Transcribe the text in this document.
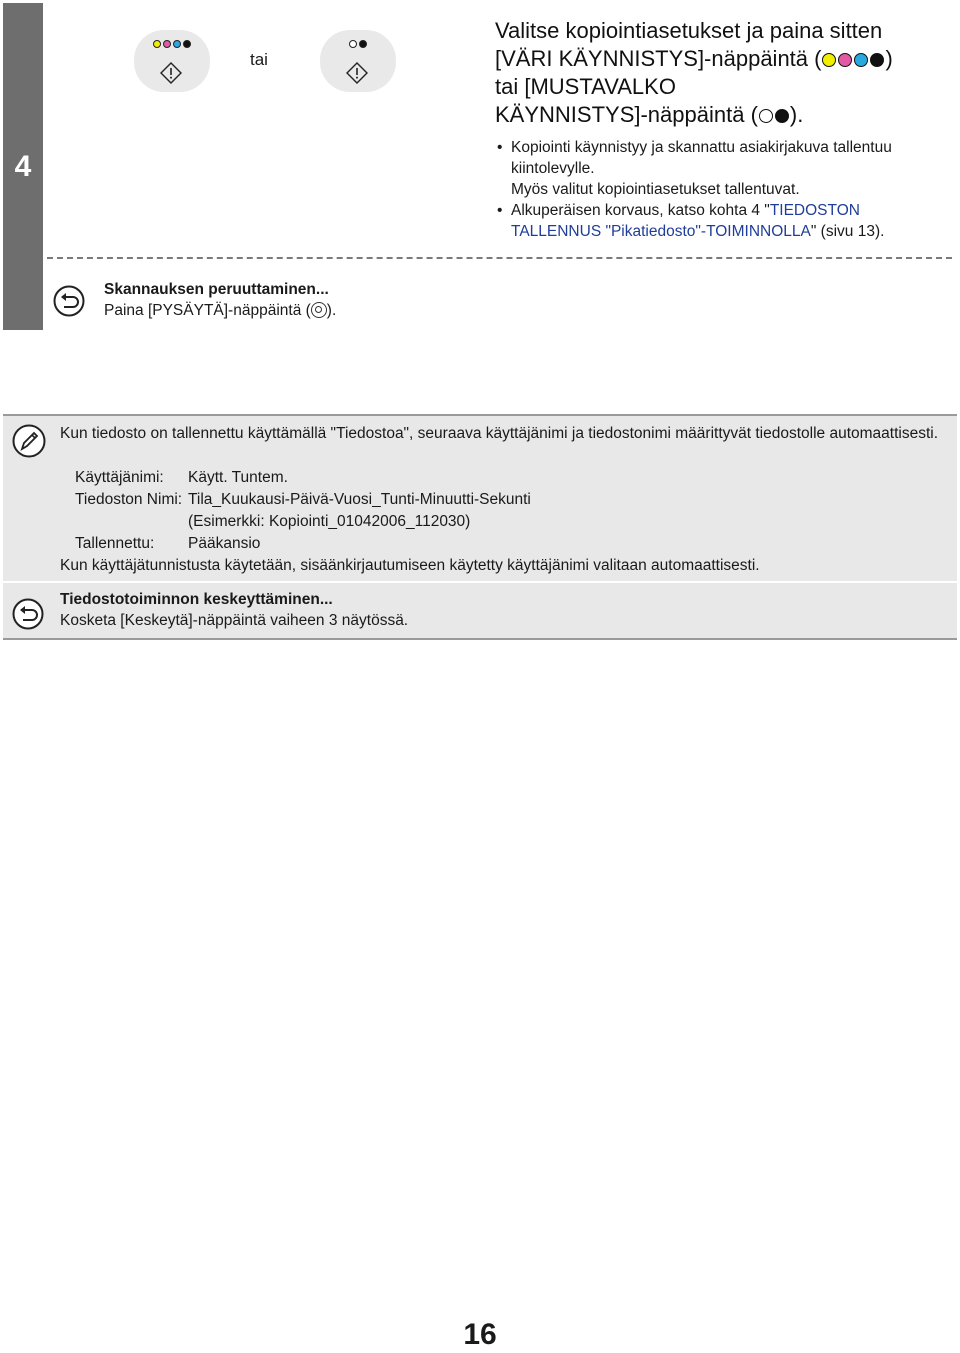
4
tai
Valitse kopiointiasetukset ja paina sitten
[VÄRI KÄYNNISTYS]-näppäintä (	)
tai [MUSTAVALKO
KÄYNNISTYS]-näppäintä ( ).
• Kopiointi käynnistyy ja skannattu asiakirjakuva tallentuu
kiintolevylle.
Myös valitut kopiointiasetukset tallentuvat.
• Alkuperäisen korvaus, katso kohta 4 "TIEDOSTON
TALLENNUS "Pikatiedosto"-TOIMINNOLLA" (sivu 13).
Skannauksen peruuttaminen...
Paina [PYSÄYTÄ]-näppäintä ( ).

Kun tiedosto on tallennettu käyttämällä "Tiedostoa", seuraava käyttäjänimi ja tiedostonimi määrittyvät tiedostolle automaattisesti.

Käyttäjänimi: Käytt. Tuntem.
Tiedoston Nimi: Tila_Kuukausi-Päivä-Vuosi_Tunti-Minuutti-Sekunti
(Esimerkki: Kopiointi_01042006_112030)
Tallennettu: Pääkansio
Kun käyttäjätunnistusta käytetään, sisäänkirjautumiseen käytetty käyttäjänimi valitaan automaattisesti.
Tiedostotoiminnon keskeyttäminen...
Kosketa [Keskeytä]-näppäintä vaiheen 3 näytössä.
16
